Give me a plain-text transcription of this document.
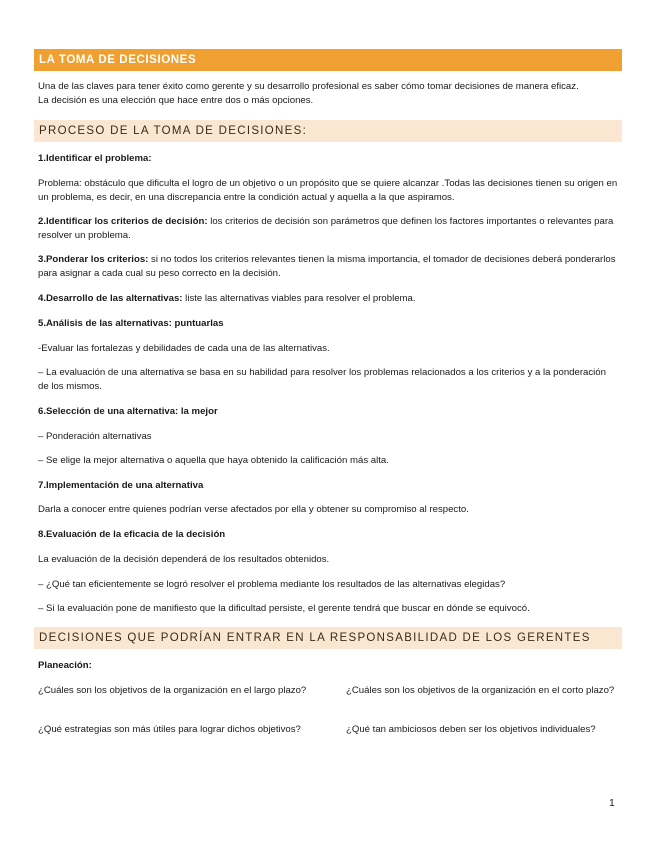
LA TOMA DE DECISIONES
Una de las claves para tener éxito como gerente y su desarrollo profesional es saber cómo tomar decisiones de manera eficaz.
La decisión es una elección que hace entre dos o más opciones.
PROCESO DE LA TOMA DE DECISIONES:
1.Identificar el problema:
Problema: obstáculo que dificulta el logro de un objetivo o un propósito que se quiere alcanzar .Todas las decisiones tienen su origen en un problema, es decir, en una discrepancia entre la condición actual y aquella a la que aspiramos.
2.Identificar los criterios de decisión: los criterios de decisión son parámetros que definen los factores importantes o relevantes para resolver un problema.
3.Ponderar los criterios: si no todos los criterios relevantes tienen la misma importancia, el tomador de decisiones deberá ponderarlos para asignar a cada cual su peso correcto en la decisión.
4.Desarrollo de las alternativas: liste las alternativas viables para resolver el problema.
5.Análisis de las alternativas: puntuarlas
-Evaluar las fortalezas y debilidades de cada una de las alternativas.
– La evaluación de una alternativa se basa en su habilidad para resolver los problemas relacionados a los criterios y a la ponderación de los mismos.
6.Selección de una alternativa: la mejor
– Ponderación alternativas
– Se elige la mejor alternativa o aquella que haya obtenido la calificación más alta.
7.Implementación de una alternativa
Darla a conocer entre quienes podrían verse afectados por ella y obtener su compromiso al respecto.
8.Evaluación de la eficacia de la decisión
La evaluación de la decisión dependerá de los resultados obtenidos.
– ¿Qué tan eficientemente se logró resolver el problema mediante los resultados de las alternativas elegidas?
– Si la evaluación pone de manifiesto que la dificultad persiste, el gerente tendrá que buscar en dónde se equivocó.
DECISIONES QUE PODRÍAN ENTRAR EN LA RESPONSABILIDAD DE LOS GERENTES
Planeación:
¿Cuáles son los objetivos de la organización en el largo plazo?	¿Cuáles son los objetivos de la organización en el corto plazo?
¿Qué estrategias son más útiles para lograr dichos objetivos?	¿Qué tan ambiciosos deben ser los objetivos individuales?
1
